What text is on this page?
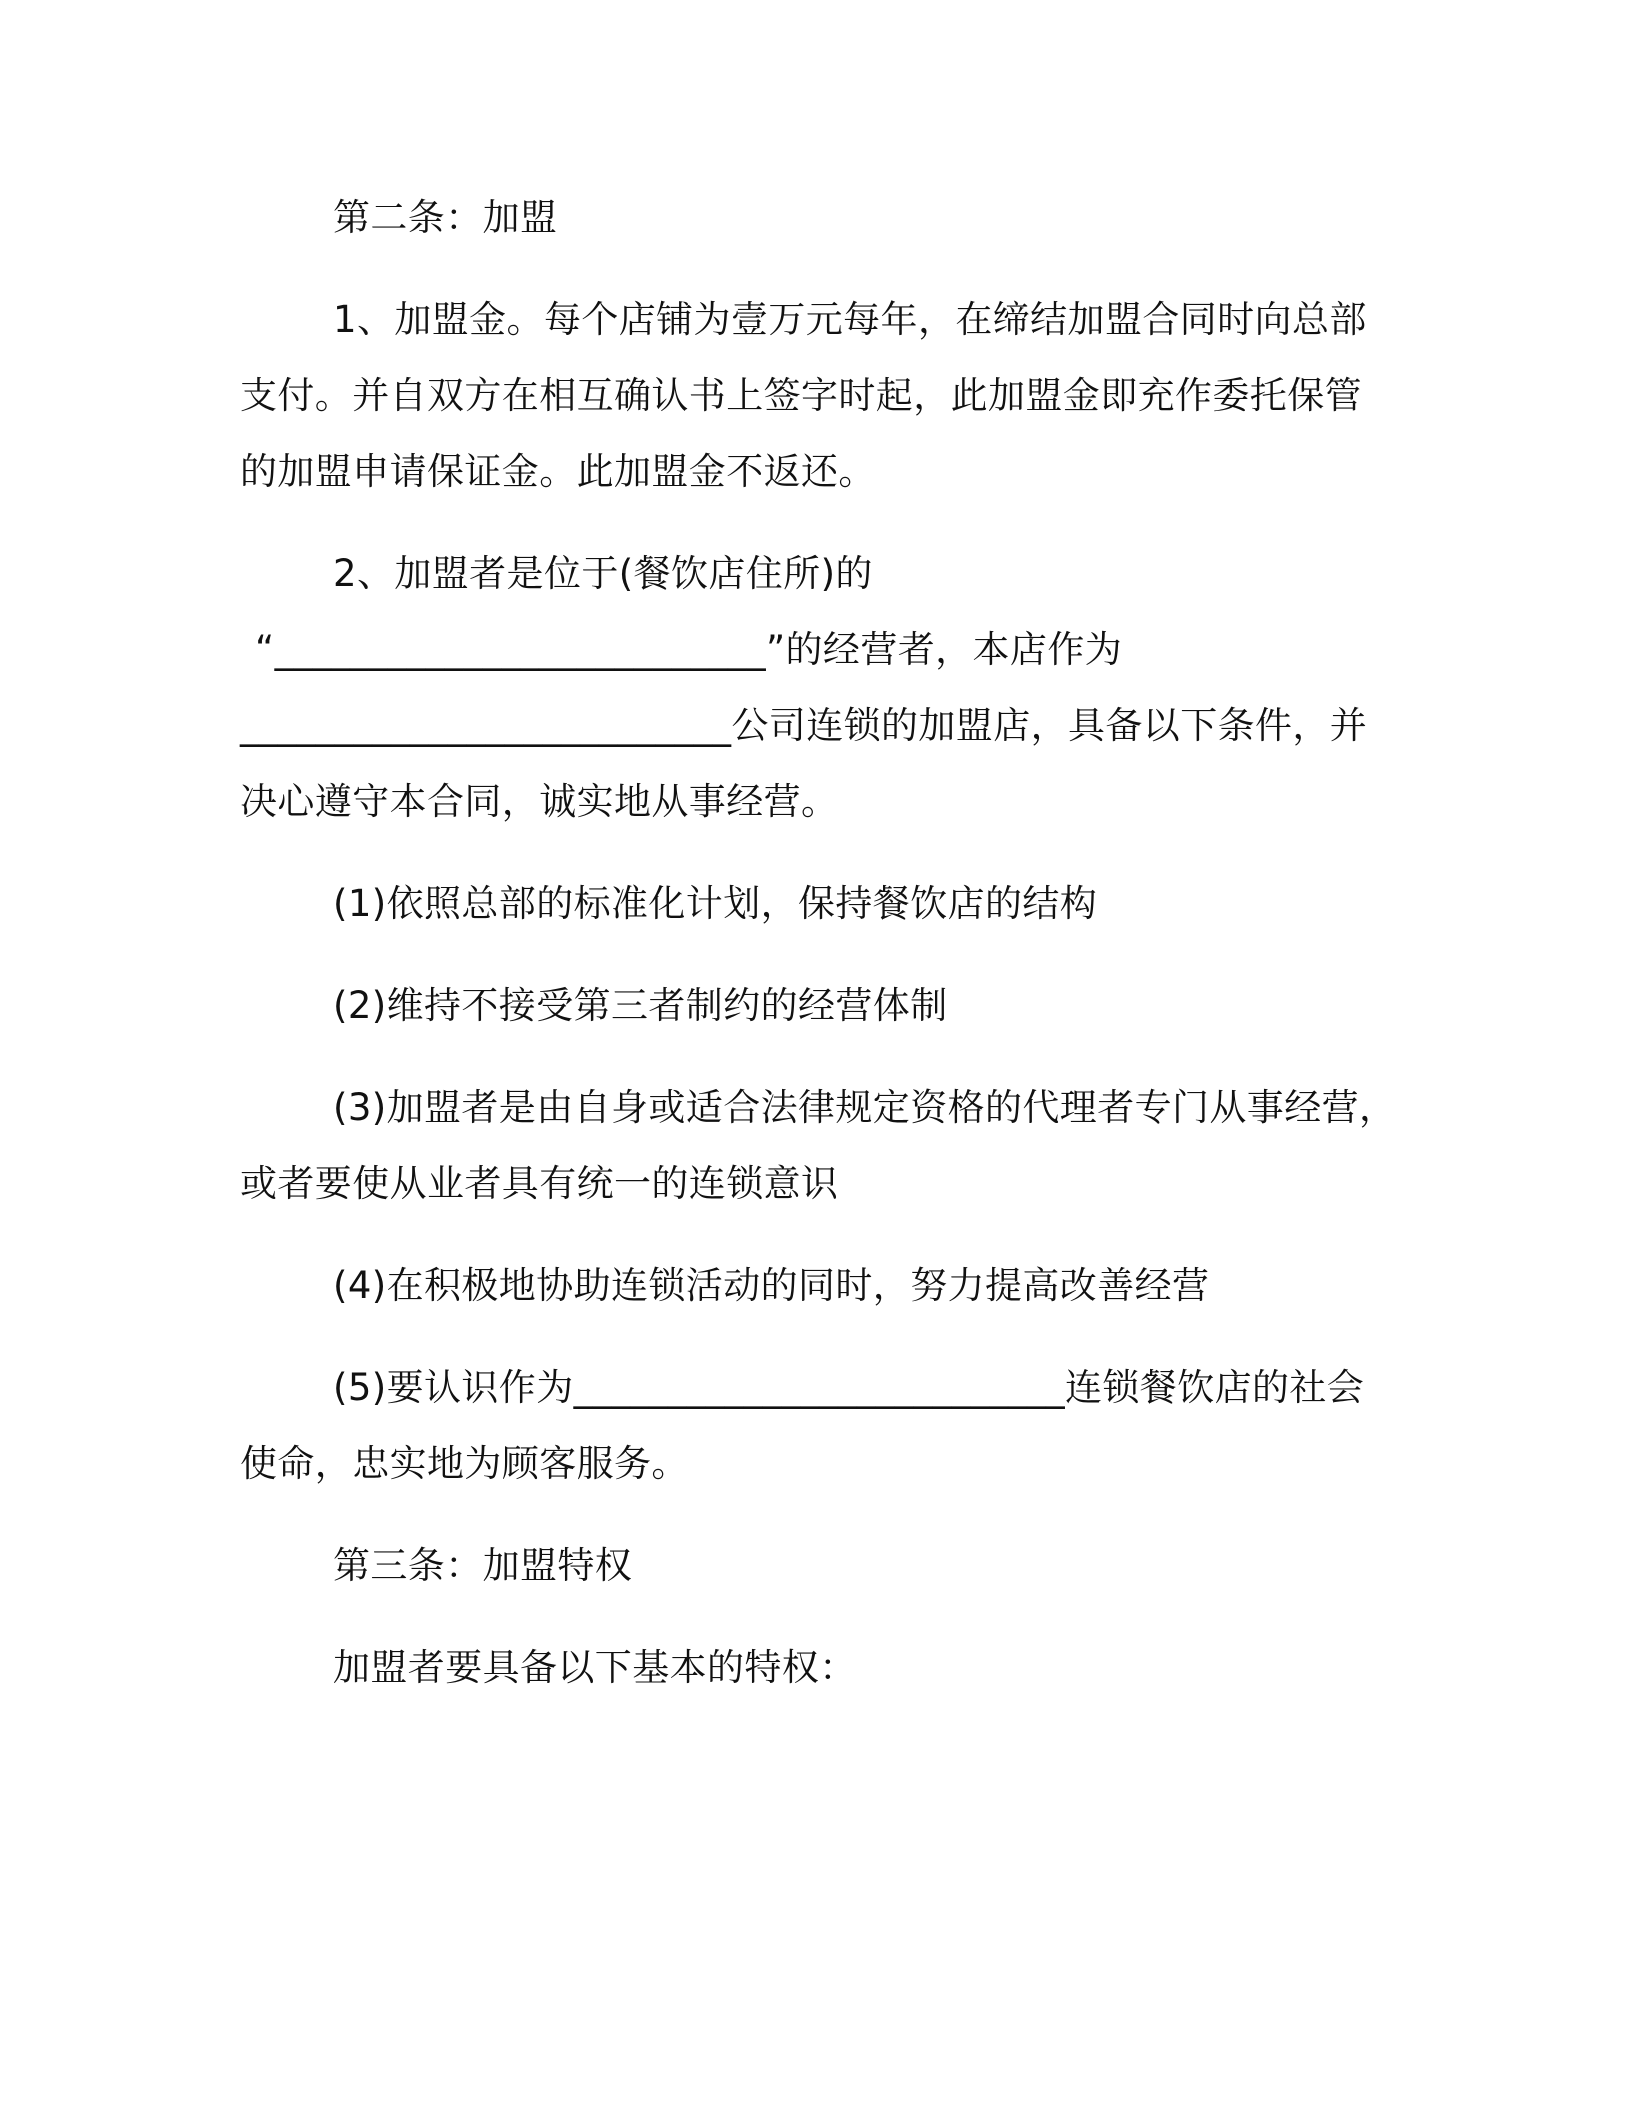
第二条：加盟
1、加盟金。每个店铺为壹万元每年，在缔结加盟合同时向总部
支付。并自双方在相互确认书上签字时起，此加盟金即充作委托保管
的加盟申请保证金。此加盟金不返还。
2、加盟者是位于(餐饮店住所)的
“__________________________”的经营者，本店作为
__________________________公司连锁的加盟店，具备以下条件，并
决心遵守本合同，诚实地从事经营。
(1)依照总部的标准化计划，保持餐饮店的结构
(2)维持不接受第三者制约的经营体制
(3)加盟者是由自身或适合法律规定资格的代理者专门从事经营，
或者要使从业者具有统一的连锁意识
(4)在积极地协助连锁活动的同时，努力提高改善经营
(5)要认识作为__________________________连锁餐饮店的社会
使命，忠实地为顾客服务。
第三条：加盟特权
加盟者要具备以下基本的特权：
